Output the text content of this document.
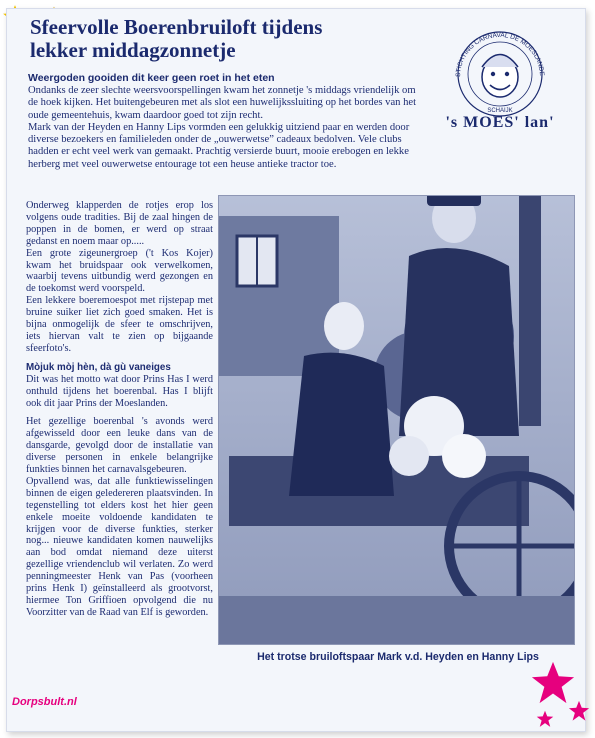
Sfeervolle Boerenbruiloft tijdens
lekker middagzonnetje
STICHTING CARNAVAL DE MOESLANDE
SCHAIJK
's MOES' lan'
Weergoden gooiden dit keer geen roet in het eten

Ondanks de zeer slechte weersvoorspellingen kwam het zonnetje 's middags vriendelijk om de hoek kijken. Het buitengebeuren met als slot een huwelijkssluiting op het bordes van het oude gemeentehuis, kwam daardoor goed tot zijn recht.

Mark van der Heyden en Hanny Lips vormden een gelukkig uitziend paar en werden door diverse bezoekers en familieleden onder de „ouwerwetse” cadeaux bedolven. Vele clubs hadden er echt veel werk van gemaakt. Prachtig versierde buurt, mooie erebogen en lekke herberg met veel ouwerwetse entourage tot een heuse antieke tractor toe.

Onderweg klapperden de rotjes erop los volgens oude tradities. Bij de zaal hingen de poppen in de bomen, er werd op straat gedanst en noem maar op.....

Een grote zigeunergroep ('t Kos Kojer) kwam het bruidspaar ook verwelkomen, waarbij tevens uitbundig werd gezongen en de toekomst werd voorspeld.

Een lekkere boeremoespot met rijstepap met bruine suiker liet zich goed smaken. Het is bijna onmogelijk de sfeer te omschrijven, iets hiervan valt te zien op bijgaande sfeerfoto's.

Mòjuk mòj hèn, dà gù vaneiges

Dit was het motto wat door Prins Has I werd onthuld tijdens het boerenbal. Has I blijft ook dit jaar Prins der Moeslanden.

Het gezellige boerenbal 's avonds werd afgewisseld door een leuke dans van de dansgarde, gevolgd door de installatie van diverse personen in enkele belangrijke funkties binnen het carnavalsgebeuren.

Opvallend was, dat alle funktiewisselingen binnen de eigen geledereren plaatsvinden. In tegenstelling tot elders kost het hier geen enkele moeite voldoende kandidaten te krijgen voor de diverse funkties, sterker nog... nieuwe kandidaten komen nauwelijks aan bod omdat niemand deze uiterst gezellige vriendenclub wil verlaten. Zo werd penningmeester Henk van Pas (voorheen prins Henk I) geïnstalleerd als grootvorst, hiermee Ton Griffioen opvolgend die nu Voorzitter van de Raad van Elf is geworden.

Het trotse bruiloftspaar Mark v.d. Heyden en Hanny Lips
Dorpsbult.nl
